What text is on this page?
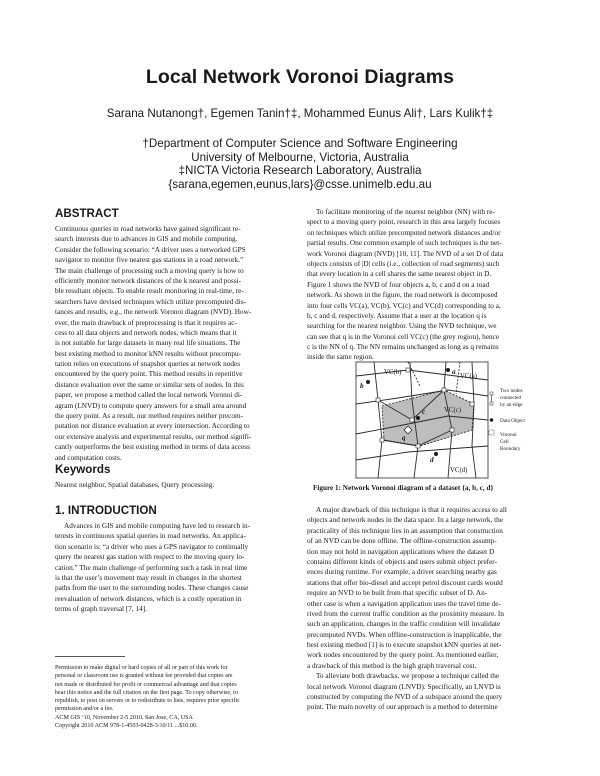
Local Network Voronoi Diagrams
Sarana Nutanong†, Egemen Tanin†‡, Mohammed Eunus Ali†, Lars Kulik†‡
†Department of Computer Science and Software Engineering
University of Melbourne, Victoria, Australia
‡NICTA Victoria Research Laboratory, Australia
{sarana,egemen,eunus,lars}@csse.unimelb.edu.au
ABSTRACT
Continuous queries in road networks have gained significant re-
search interests due to advances in GIS and mobile computing.
Consider the following scenario: “A driver uses a networked GPS
navigator to monitor five nearest gas stations in a road network.”
The main challenge of processing such a moving query is how to
efficiently monitor network distances of the k nearest and possi-
ble resultant objects. To enable result monitoring in real-time, re-
searchers have devised techniques which utilize precomputed dis-
tances and results, e.g., the network Voronoi diagram (NVD). How-
ever, the main drawback of preprocessing is that it requires ac-
cess to all data objects and network nodes, which means that it
is not suitable for large datasets in many real life situations. The
best existing method to monitor kNN results without precompu-
tation relies on executions of snapshot queries at network nodes
encountered by the query point. This method results in repetitive
distance evaluation over the same or similar sets of nodes. In this
paper, we propose a method called the local network Voronoi di-
agram (LNVD) to compute query answers for a small area around
the query point. As a result, our method requires neither precom-
putation nor distance evaluation at every intersection. According to
our extensive analysis and experimental results, our method signifi-
cantly outperforms the best existing method in terms of data access
and computation costs.
Keywords
Nearest neighbor, Spatial databases, Query processing.
1. INTRODUCTION
Advances in GIS and mobile computing have led to research in-
terests in continuous spatial queries in road networks. An applica-
tion scenario is: “a driver who uses a GPS navigator to continually
query the nearest gas station with respect to the moving query lo-
cation.” The main challenge of performing such a task in real time
is that the user’s movement may result in changes in the shortest
paths from the user to the surrounding nodes. These changes cause
reevaluation of network distances, which is a costly operation in
terms of graph traversal [7, 14].
Permission to make digital or hard copies of all or part of this work for
personal or classroom use is granted without fee provided that copies are
not made or distributed for profit or commercial advantage and that copies
bear this notice and the full citation on the first page. To copy otherwise, to
republish, to post on servers or to redistribute to lists, requires prior specific
permission and/or a fee.
ACM GIS ’10, November 2-5 2010. San Jose, CA, USA
Copyright 2010 ACM 978-1-4503-0428-3/10/11 ...$10.00.
To facilitate monitoring of the nearest neighbor (NN) with re-
spect to a moving query point, research in this area largely focuses
on techniques which utilize precomputed network distances and/or
partial results. One common example of such techniques is the net-
work Voronoi diagram (NVD) [10, 11]. The NVD of a set D of data
objects consists of |D| cells (i.e., collection of road segments) such
that every location in a cell shares the same nearest object in D.
Figure 1 shows the NVD of four objects a, b, c and d on a road
network. As shown in the figure, the road network is decomposed
into four cells VC(a), VC(b), VC(c) and VC(d) corresponding to a,
b, c and d, respectively. Assume that a user at the location q is
searching for the nearest neighbor. Using the NVD technique, we
can see that q is in the Voronoi cell VC(c) (the grey region), hence
c is the NN of q. The NN remains unchanged as long as q remains
inside the same region.
a
b
c
d
q
VC(a)
VC(b)
VC(c)
VC(d)
Two nodes
connected
by an edge
Data Object
Voronoi
Cell
Boundary
Figure 1: Network Voronoi diagram of a dataset {a, b, c, d}
A major drawback of this technique is that it requires access to all
objects and network nodes in the data space. In a large network, the
practicality of this technique lies in an assumption that construction
of an NVD can be done offline. The offline-construction assump-
tion may not hold in navigation applications where the dataset D
contains different kinds of objects and users submit object prefer-
ences during runtime. For example, a driver searching nearby gas
stations that offer bio-diesel and accept petrol discount cards would
require an NVD to be built from that specific subset of D. An-
other case is when a navigation application uses the travel time de-
rived from the current traffic condition as the proximity measure. In
such an application, changes in the traffic condition will invalidate
precomputed NVDs. When offline-construction is inapplicable, the
best existing method [1] is to execute snapshot kNN queries at net-
work nodes encountered by the query point. As mentioned earlier,
a drawback of this method is the high graph traversal cost.
To alleviate both drawbacks, we propose a technique called the
local network Voronoi diagram (LNVD). Specifically, an LNVD is
constructed by computing the NVD of a subspace around the query
point. The main novelty of our approach is a method to determine
